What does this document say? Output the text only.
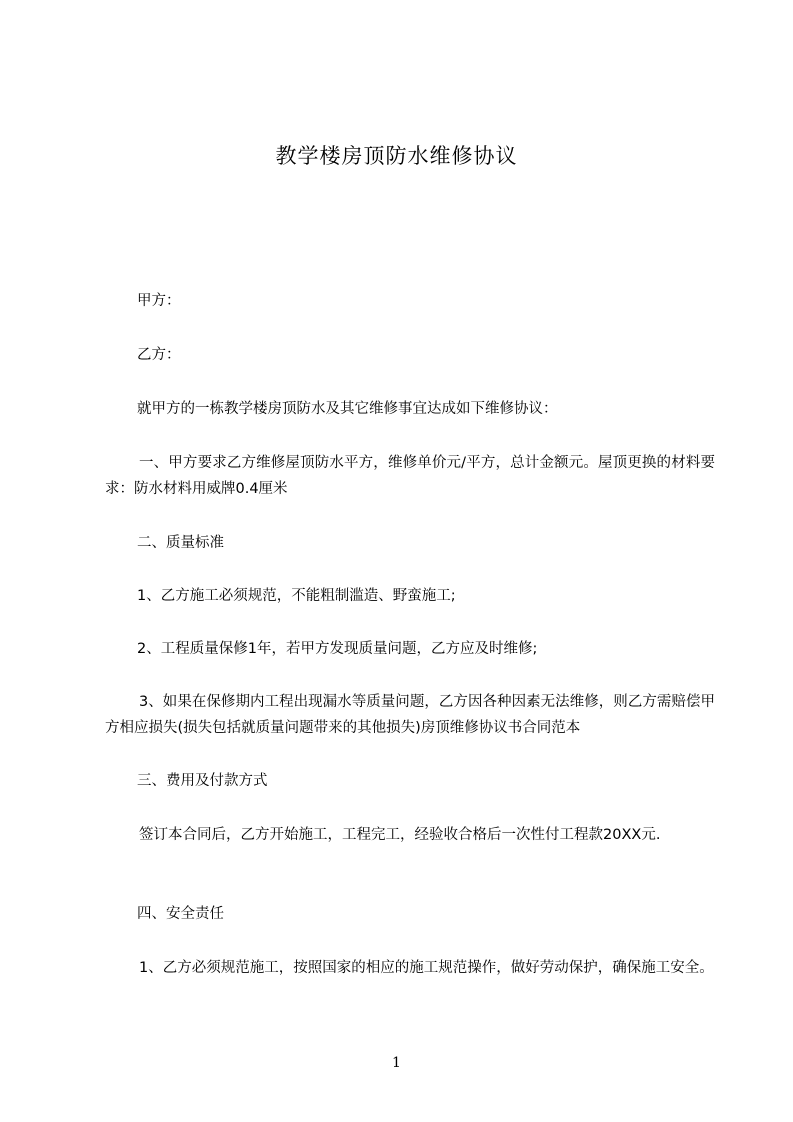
教学楼房顶防水维修协议
甲方：
乙方：
就甲方的一栋教学楼房顶防水及其它维修事宜达成如下维修协议：
一、甲方要求乙方维修屋顶防水平方，维修单价元/平方，总计金额元。屋顶更换的材料要求：防水材料用威牌0.4厘米
二、质量标准
1、乙方施工必须规范，不能粗制滥造、野蛮施工;
2、工程质量保修1年，若甲方发现质量问题，乙方应及时维修;
3、如果在保修期内工程出现漏水等质量问题，乙方因各种因素无法维修，则乙方需赔偿甲方相应损失(损失包括就质量问题带来的其他损失)房顶维修协议书合同范本
三、费用及付款方式
签订本合同后，乙方开始施工，工程完工，经验收合格后一次性付工程款20XX元.
四、安全责任
1、乙方必须规范施工，按照国家的相应的施工规范操作，做好劳动保护，确保施工安全。
1
